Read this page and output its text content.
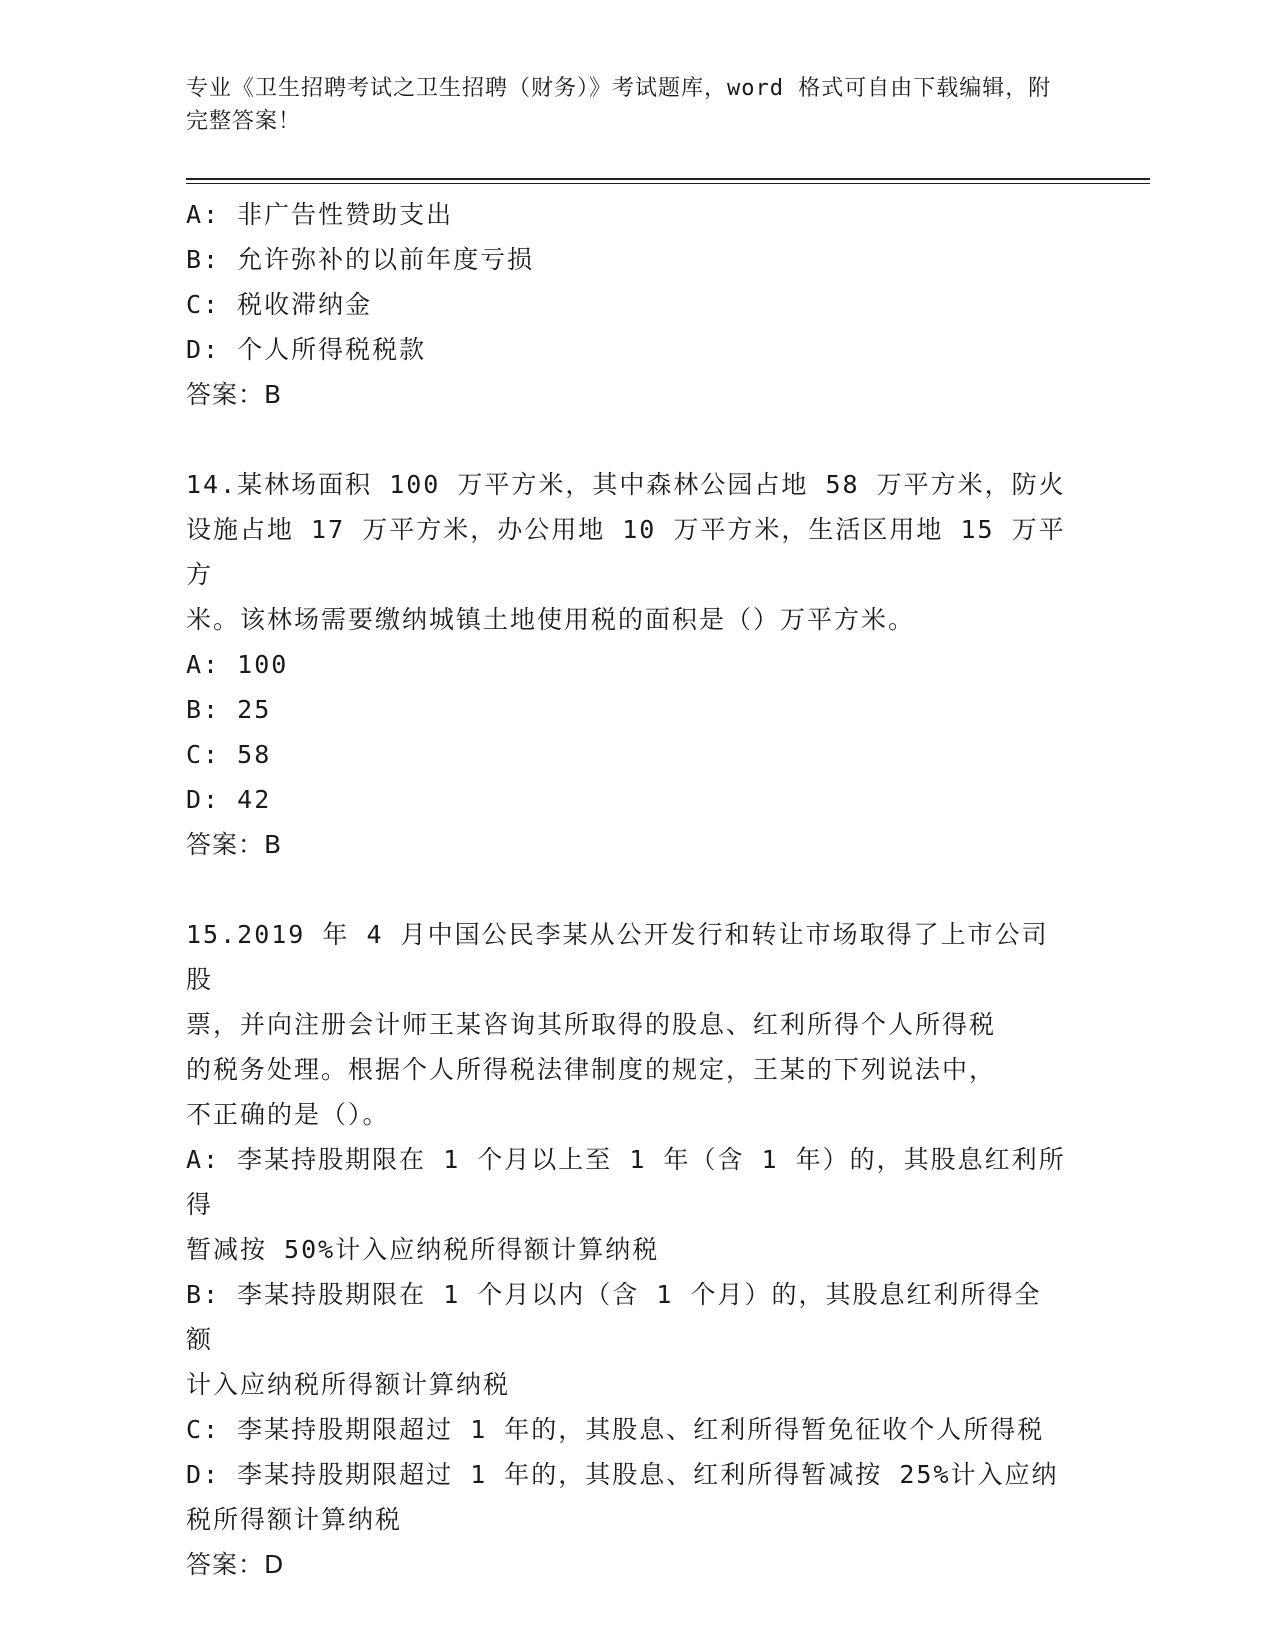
专业《卫生招聘考试之卫生招聘（财务）》考试题库，word 格式可自由下载编辑，附完整答案！
A: 非广告性赞助支出
B: 允许弥补的以前年度亏损
C: 税收滞纳金
D: 个人所得税税款
答案：B
14.某林场面积 100 万平方米，其中森林公园占地 58 万平方米，防火
设施占地 17 万平方米，办公用地 10 万平方米，生活区用地 15 万平方
米。该林场需要缴纳城镇土地使用税的面积是（）万平方米。
A: 100
B: 25
C: 58
D: 42
答案：B
15.2019 年 4 月中国公民李某从公开发行和转让市场取得了上市公司股
票，并向注册会计师王某咨询其所取得的股息、红利所得个人所得税
的税务处理。根据个人所得税法律制度的规定，王某的下列说法中，
不正确的是（）。
A: 李某持股期限在 1 个月以上至 1 年（含 1 年）的，其股息红利所得
暂减按 50%计入应纳税所得额计算纳税
B: 李某持股期限在 1 个月以内（含 1 个月）的，其股息红利所得全额
计入应纳税所得额计算纳税
C: 李某持股期限超过 1 年的，其股息、红利所得暂免征收个人所得税
D: 李某持股期限超过 1 年的，其股息、红利所得暂减按 25%计入应纳
税所得额计算纳税
答案：D
